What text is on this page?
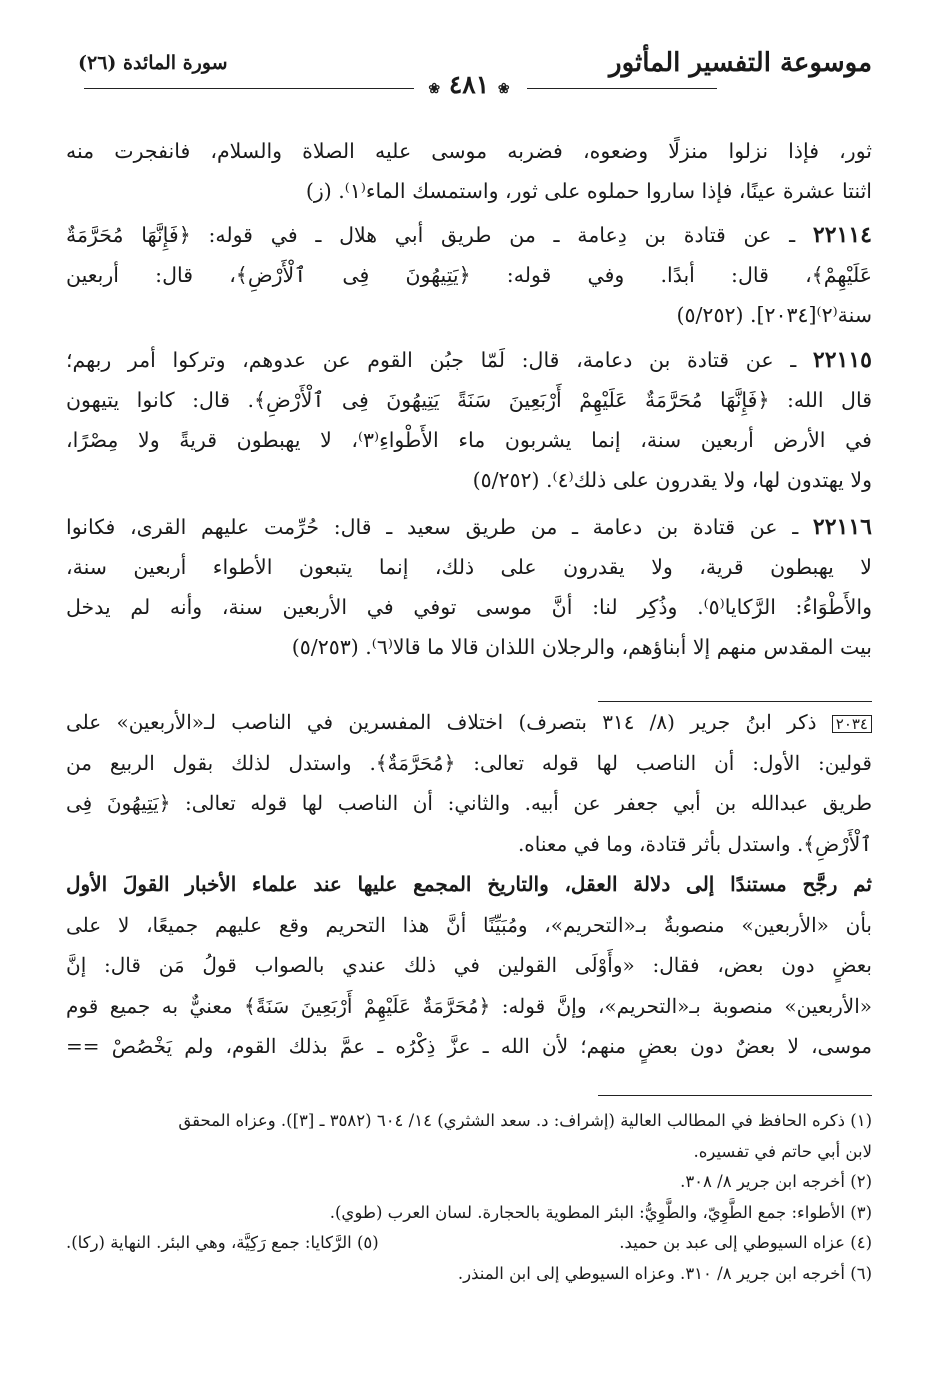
موسوعة التفسير المأثور
❀ ٤٨١ ❀
سورة المائدة (٢٦)
ثور، فإذا نزلوا منزلًا وضعوه، فضربه موسى عليه الصلاة والسلام، فانفجرت منه
اثنتا عشرة عينًا، فإذا ساروا حملوه على ثور، واستمسك الماء⁽١⁾. (ز)
٢٢١١٤ ـ عن قتادة بن دِعامة ـ من طريق أبي هلال ـ في قوله: ﴿فَإِنَّهَا مُحَرَّمَةٌ
عَلَيْهِمْ﴾، قال: أبدًا. وفي قوله: ﴿يَتِيهُونَ فِى ٱلْأَرْضِ﴾، قال: أربعين
سنة⁽٢⁾[٢٠٣٤]. (٥/٢٥٢)
٢٢١١٥ ـ عن قتادة بن دعامة، قال: لَمّا جبُن القوم عن عدوهم، وتركوا أمر ربهم؛
قال الله: ﴿فَإِنَّهَا مُحَرَّمَةٌ عَلَيْهِمْ أَرْبَعِينَ سَنَةً يَتِيهُونَ فِى ٱلْأَرْضِ﴾. قال: كانوا يتيهون
في الأرض أربعين سنة، إنما يشربون ماء الأَطْواءِ⁽٣⁾، لا يهبطون قريةً ولا مِصْرًا،
ولا يهتدون لها، ولا يقدرون على ذلك⁽٤⁾. (٥/٢٥٢)
٢٢١١٦ ـ عن قتادة بن دعامة ـ من طريق سعيد ـ قال: حُرِّمت عليهم القرى، فكانوا
لا يهبطون قرية، ولا يقدرون على ذلك، إنما يتبعون الأطواء أربعين سنة،
والأَطْوَاءُ: الرَّكايا⁽٥⁾. وذُكِر لنا: أنَّ موسى توفي في الأربعين سنة، وأنه لم يدخل
بيت المقدس منهم إلا أبناؤهم، والرجلان اللذان قالا ما قالا⁽٦⁾. (٥/٢٥٣)
٢٠٣٤ ذكر ابنُ جرير (٨/ ٣١٤ بتصرف) اختلاف المفسرين في الناصب لـ«الأربعين» على
قولين: الأول: أن الناصب لها قوله تعالى: ﴿مُحَرَّمَةٌ﴾. واستدل لذلك بقول الربيع من
طريق عبدالله بن أبي جعفر عن أبيه. والثاني: أن الناصب لها قوله تعالى: ﴿يَتِيهُونَ فِى
ٱلْأَرْضِ﴾. واستدل بأثر قتادة، وما في معناه.
ثم رجَّح مستندًا إلى دلالة العقل، والتاريخ المجمع عليها عند علماء الأخبار القولَ الأول
بأن «الأربعين» منصوبةٌ بـ«التحريم»، ومُبَيِّنًا أنَّ هذا التحريم وقع عليهم جميعًا، لا على
بعضٍ دون بعض، فقال: «وأَوْلَى القولين في ذلك عندي بالصواب قولُ مَن قال: إنَّ
«الأربعين» منصوبة بـ«التحريم»، وإنَّ قوله: ﴿مُحَرَّمَةٌ عَلَيْهِمْ أَرْبَعِينَ سَنَةً﴾ معنيٌّ به جميع قوم
موسى، لا بعضٌ دون بعضٍ منهم؛ لأن الله ـ عزَّ ذِكْرُه ـ عمَّ بذلك القوم، ولم يَخْصُصْ ==
(١) ذكره الحافظ في المطالب العالية (إشراف: د. سعد الشثري) ١٤/ ٦٠٤ (٣٥٨٢ ـ [٣]). وعزاه المحقق
لابن أبي حاتم في تفسيره.
(٢) أخرجه ابن جرير ٨/ ٣٠٨.
(٣) الأطواء: جمع الطَّوِيّ، والطَّوِيُّ: البئر المطوية بالحجارة. لسان العرب (طوي).
(٤) عزاه السيوطي إلى عبد بن حميد.
(٥) الرَّكايا: جمع رَكِيَّة، وهي البئر. النهاية (ركا).
(٦) أخرجه ابن جرير ٨/ ٣١٠. وعزاه السيوطي إلى ابن المنذر.
